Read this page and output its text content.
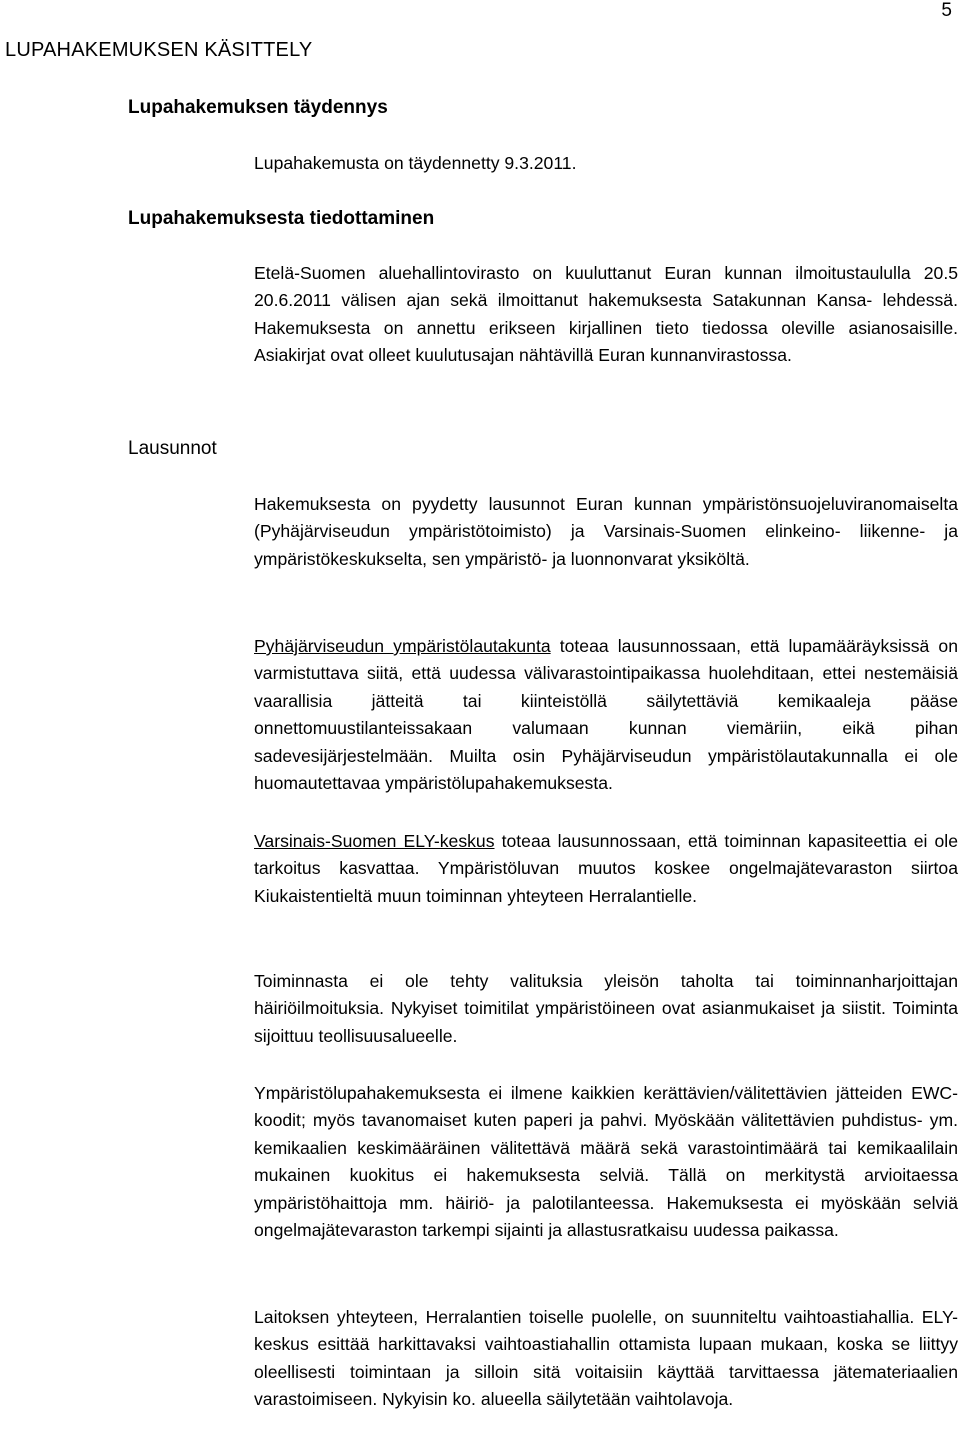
5
LUPAHAKEMUKSEN KÄSITTELY
Lupahakemuksen täydennys

Lupahakemusta on täydennetty 9.3.2011.

Lupahakemuksesta tiedottaminen

Etelä-Suomen aluehallintovirasto on kuuluttanut Euran kunnan ilmoitustaululla 20.5 20.6.2011 välisen ajan sekä ilmoittanut hakemuksesta Satakunnan Kansa- lehdessä. Hakemuksesta on annettu erikseen kirjallinen tieto tiedossa oleville asianosaisille. Asiakirjat ovat olleet kuulutusajan nähtävillä Euran kunnanvirastossa.

Lausunnot

Hakemuksesta on pyydetty lausunnot Euran kunnan ympäristönsuojeluviranomaiselta (Pyhäjärviseudun ympäristötoimisto) ja Varsinais-Suomen elinkeino- liikenne- ja ympäristökeskukselta, sen ympäristö- ja luonnonvarat yksiköltä.

Pyhäjärviseudun ympäristölautakunta toteaa lausunnossaan, että lupamääräyksissä on varmistuttava siitä, että uudessa välivarastointipaikassa huolehditaan, ettei nestemäisiä vaarallisia jätteitä tai kiinteistöllä säilytettäviä kemikaaleja pääse onnettomuustilanteissakaan valumaan kunnan viemäriin, eikä pihan sadevesijärjestelmään. Muilta osin Pyhäjärviseudun ympäristölautakunnalla ei ole huomautettavaa ympäristölupahakemuksesta.

Varsinais-Suomen ELY-keskus toteaa lausunnossaan, että toiminnan kapasiteettia ei ole tarkoitus kasvattaa. Ympäristöluvan muutos koskee ongelmajätevaraston siirtoa Kiukaistentieltä muun toiminnan yhteyteen Herralantielle.

Toiminnasta ei ole tehty valituksia yleisön taholta tai toiminnanharjoittajan häiriöilmoituksia. Nykyiset toimitilat ympäristöineen ovat asianmukaiset ja siistit. Toiminta sijoittuu teollisuusalueelle.

Ympäristölupahakemuksesta ei ilmene kaikkien kerättävien/välitettävien jätteiden EWC-koodit; myös tavanomaiset kuten paperi ja pahvi. Myöskään välitettävien puhdistus- ym. kemikaalien keskimääräinen välitettävä määrä sekä varastointimäärä tai kemikaalilain mukainen kuokitus ei hakemuksesta selviä. Tällä on merkitystä arvioitaessa ympäristöhaittoja mm. häiriö- ja palotilanteessa. Hakemuksesta ei myöskään selviä ongelmajätevaraston tarkempi sijainti ja allastusratkaisu uudessa paikassa.

Laitoksen yhteyteen, Herralantien toiselle puolelle, on suunniteltu vaihtoastiahallia. ELY-keskus esittää harkittavaksi vaihtoastiahallin ottamista lupaan mukaan, koska se liittyy oleellisesti toimintaan ja silloin sitä voitaisiin käyttää tarvittaessa jätemateriaalien varastoimiseen. Nykyisin ko. alueella säilytetään vaihtolavoja.
